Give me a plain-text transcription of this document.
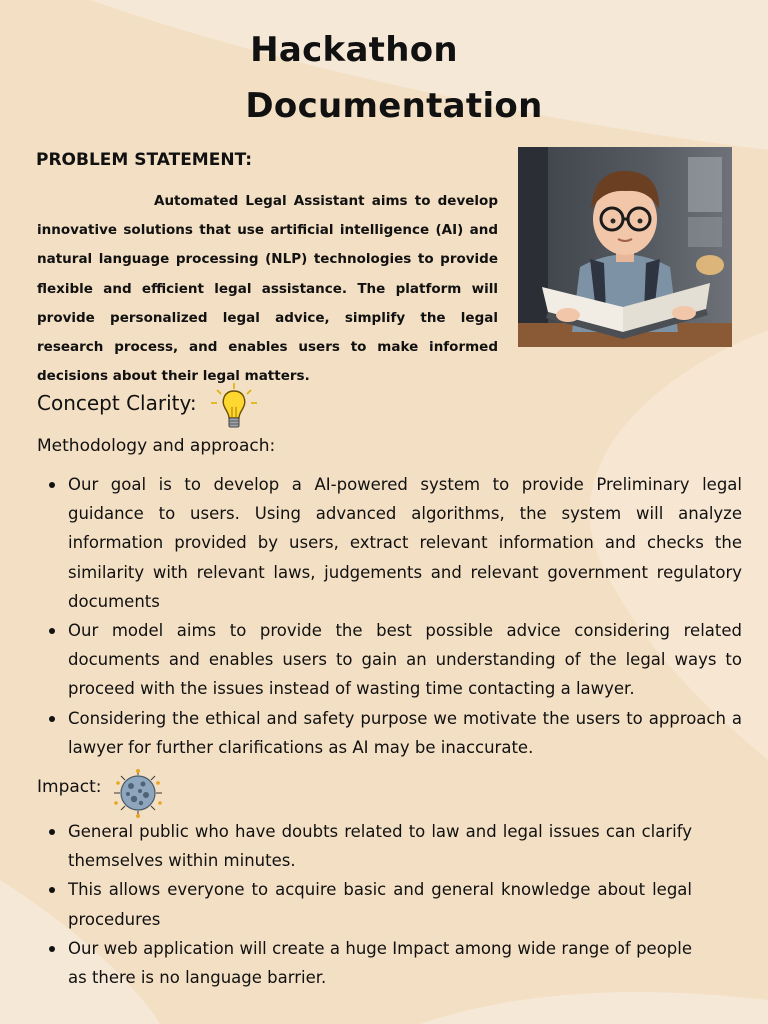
Hackathon
Documentation
PROBLEM STATEMENT:

Automated Legal Assistant aims to develop innovative solutions that use artificial intelligence (AI) and natural language processing (NLP) technologies to provide flexible and efficient legal assistance. The platform will provide personalized legal advice, simplify the legal research process, and enables users to make informed decisions about their legal matters.

Concept Clarity:
Methodology and approach:
Our goal is to develop a AI-powered system to provide Preliminary legal guidance to users. Using advanced algorithms, the system will analyze information provided by users, extract relevant information and checks the similarity with relevant laws, judgements and relevant government regulatory documents
Our model aims to provide the best possible advice considering related documents and enables users to gain an understanding of the legal ways to proceed with the issues instead of wasting time contacting a lawyer.
Considering the ethical and safety purpose we motivate the users to approach a lawyer for further clarifications as AI may be inaccurate.
Impact:
General public who have doubts related to law and legal issues can clarify themselves within minutes.
This allows everyone to acquire basic and general knowledge about legal procedures
Our web application will create a huge Impact among wide range of people as there is no language barrier.
